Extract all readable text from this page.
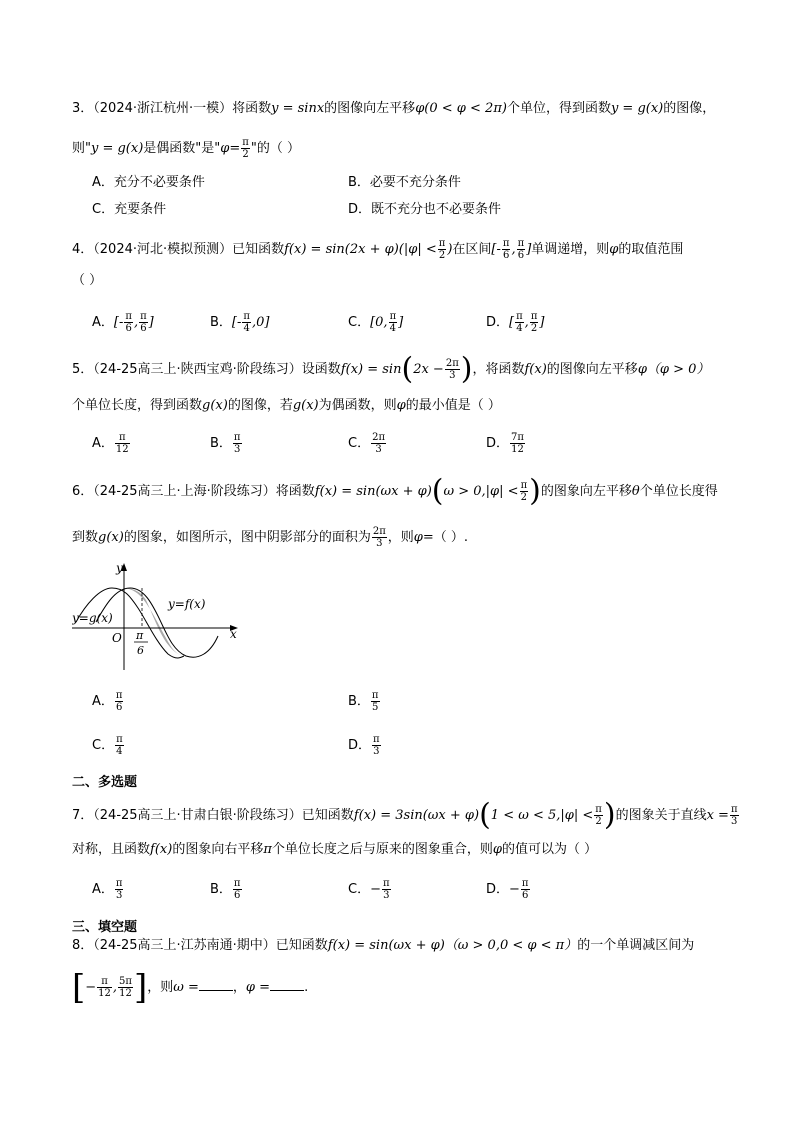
3．（2024·浙江杭州·一模）将函数y = sinx的图像向左平移φ(0 < φ < 2π)个单位，得到函数y = g(x)的图像，
则"y = g(x)是偶函数"是"$\varphi= \frac{\pi}{2}$ "的（ ）
A．充分不必要条件	B．必要不充分条件
C．充要条件	D．既不充分也不必要条件
4．（2024·河北·模拟预测）已知函数$f(x) = \sin(2x + \varphi)(|\varphi| < \frac{\pi}{2}$ )在区间[- $\frac{\pi}{6}$ , $\frac{\pi}{6}$ ]单调递增，则φ的取值范围
（ ）
A．[- $\frac{\pi}{6}$ , $\frac{\pi}{6}$ ]	B．[- $\frac{\pi}{4} ,0$]	C．[0, $\frac{\pi}{4}$ ]	D．[ $\frac{\pi}{4}$ , $\frac{\pi}{2}$ ]
5．（24-25高三上·陕西宝鸡·阶段练习）设函数$f(x) = \sin(2x - \frac{2\pi}{3}$ )，将函数f(x)的图像向左平移φ（φ > 0）
个单位长度，得到函数g(x)的图像，若g(x)为偶函数，则φ的最小值是（ ）
A． $\frac{\pi}{12}$	B． $\frac{\pi}{3}$	C． $\frac{2\pi}{3}$	D． $\frac{7\pi}{12}$
6．（24-25高三上·上海·阶段练习）将函数$f(x) = \sin(\omega x + \varphi)(\omega > 0,|\varphi| < \frac{\pi}{2}$ )的图象向左平移θ个单位长度得
到数g(x)的图象，如图所示，图中阴影部分的面积为 $\frac{2\pi}{3}$ ，则φ=（ ）.
y
x
O
y=f(x)
y=g(x)
π
6
A． $\frac{\pi}{6}$	B． $\frac{\pi}{5}$
C． $\frac{\pi}{4}$	D． $\frac{\pi}{3}$
二、多选题
7．（24-25高三上·甘肃白银·阶段练习）已知函数$f(x) = 3\sin(\omega x + \varphi)(1 < \omega < 5,|\varphi| < \frac{\pi}{2}$ )的图象关于直线$x = \frac{\pi}{3}$
对称，且函数f(x)的图象向右平移π个单位长度之后与原来的图象重合，则φ的值可以为（ ）
A． $\frac{\pi}{3}$	B． $\frac{\pi}{6}$	C．− $\frac{\pi}{3}$	D．− $\frac{\pi}{6}$
三、填空题
8．（24-25高三上·江苏南通·期中）已知函数f(x) = sin(ωx + φ)（ω > 0,0 < φ < π）的一个单调减区间为
[− $\frac{\pi}{12}$ , $\frac{5\pi}{12}$ ]，则ω =	，φ =	.
